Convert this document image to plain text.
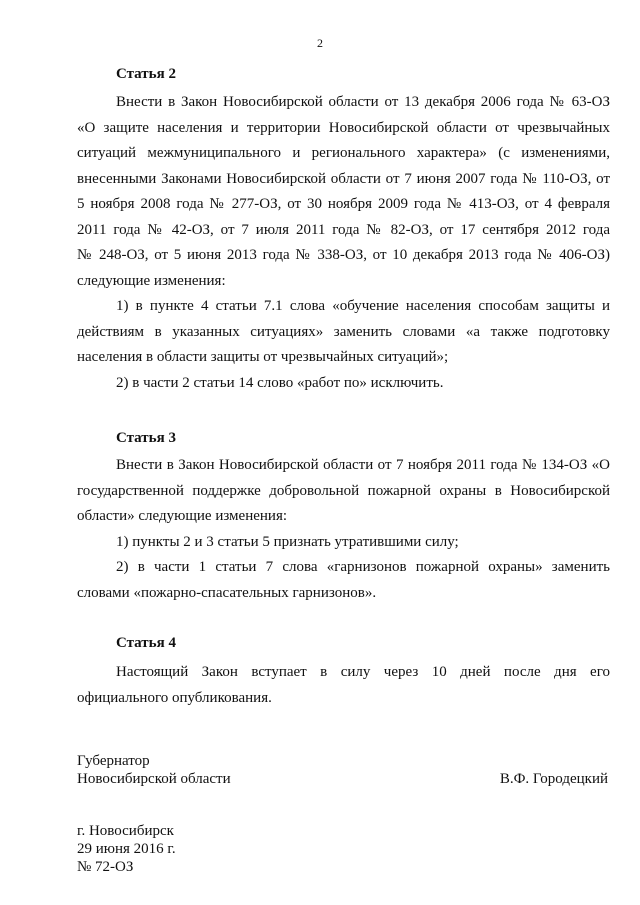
2
Статья 2
Внести в Закон Новосибирской области от 13 декабря 2006 года № 63-ОЗ
«О защите населения и территории Новосибирской области от чрезвычайных
ситуаций межмуниципального и регионального характера» (с изменениями,
внесенными Законами Новосибирской области от 7 июня 2007 года № 110-ОЗ, от
5 ноября 2008 года № 277-ОЗ, от 30 ноября 2009 года № 413-ОЗ, от 4 февраля
2011 года № 42-ОЗ, от 7 июля 2011 года № 82-ОЗ, от 17 сентября 2012 года
№ 248-ОЗ, от 5 июня 2013 года № 338-ОЗ, от 10 декабря 2013 года № 406-ОЗ)
следующие изменения:
1) в пункте 4 статьи 7.1 слова «обучение населения способам защиты и
действиям в указанных ситуациях» заменить словами «а также подготовку
населения в области защиты от чрезвычайных ситуаций»;
2) в части 2 статьи 14 слово «работ по» исключить.
Статья 3
Внести в Закон Новосибирской области от 7 ноября 2011 года № 134-ОЗ «О
государственной поддержке добровольной пожарной охраны в Новосибирской
области» следующие изменения:
1) пункты 2 и 3 статьи 5 признать утратившими силу;
2) в части 1 статьи 7 слова «гарнизонов пожарной охраны» заменить
словами «пожарно-спасательных гарнизонов».
Статья 4
Настоящий Закон вступает в силу через 10 дней после дня его
официального опубликования.
Губернатор
Новосибирской области	В.Ф. Городецкий
г. Новосибирск
29 июня 2016 г.
№ 72-ОЗ
